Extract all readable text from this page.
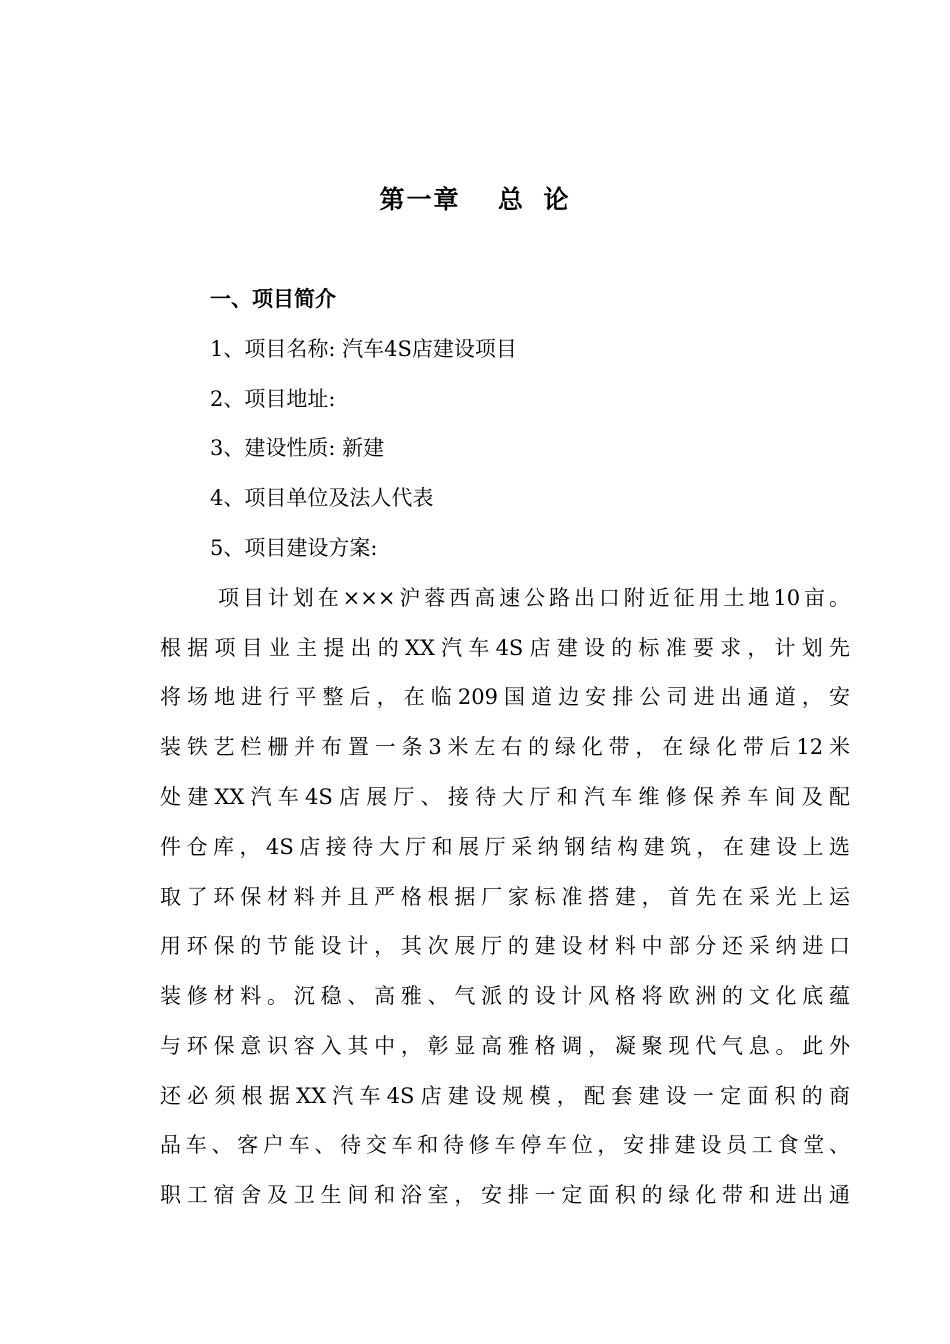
第一章  总 论
一、项目简介
1、项目名称: 汽车4S店建设项目
2、项目地址:
3、建设性质: 新建
4、项目单位及法人代表
5、项目建设方案:
项目计划在×××沪蓉西高速公路出口附近征用土地10亩。
根据项目业主提出的XX汽车4S店建设的标准要求，计划先
将场地进行平整后，在临209国道边安排公司进出通道，安
装铁艺栏栅并布置一条3米左右的绿化带，在绿化带后12米
处建XX汽车4S店展厅、接待大厅和汽车维修保养车间及配
件仓库，4S店接待大厅和展厅采纳钢结构建筑，在建设上选
取了环保材料并且严格根据厂家标准搭建，首先在采光上运
用环保的节能设计，其次展厅的建设材料中部分还采纳进口
装修材料。沉稳、高雅、气派的设计风格将欧洲的文化底蕴
与环保意识容入其中，彰显高雅格调，凝聚现代气息。此外
还必须根据XX汽车4S店建设规模，配套建设一定面积的商
品车、客户车、待交车和待修车停车位，安排建设员工食堂、
职工宿舍及卫生间和浴室，安排一定面积的绿化带和进出通
